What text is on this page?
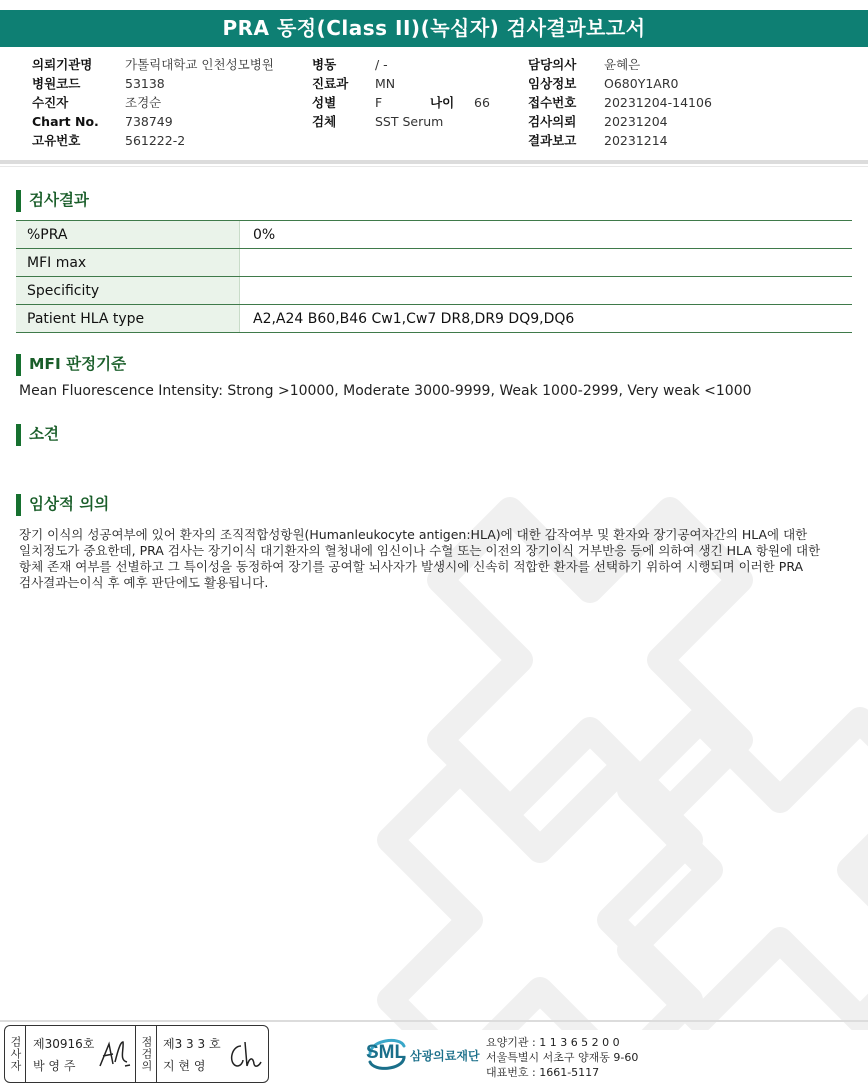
PRA 동정(Class II)(녹십자) 검사결과보고서
의뢰기관명	가톨릭대학교 인천성모병원	병동	/ -	담당의사 윤혜은
병원코드	53138	진료과 MN	임상정보 O680Y1AR0
수진자	조경순	성별	F	나이 66	접수번호 20231204-14106
Chart No. 738749	검체	SST Serum	검사의뢰 20231204
고유번호	561222-2	결과보고 20231214
검사결과
%PRA	0%
MFI max	
Specificity	
Patient HLA type	A2,A24 B60,B46 Cw1,Cw7 DR8,DR9 DQ9,DQ6
MFI 판정기준
Mean Fluorescence Intensity: Strong >10000, Moderate 3000-9999, Weak 1000-2999, Very weak <1000
소견
임상적 의의
장기 이식의 성공여부에 있어 환자의 조직적합성항원(Humanleukocyte antigen:HLA)에 대한 감작여부 및 환자와 장기공여자간의 HLA에 대한
일치정도가 중요한데, PRA 검사는 장기이식 대기환자의 혈청내에 임신이나 수혈 또는 이전의 장기이식 거부반응 등에 의하여 생긴 HLA 항원에 대한
항체 존재 여부를 선별하고 그 특이성을 동정하여 장기를 공여할 뇌사자가 발생시에 신속히 적합한 환자를 선택하기 위하여 시행되며 이러한 PRA
검사결과는이식 후 예후 판단에도 활용됩니다.
검사자 제30916호
박 영 주	점검의 제3 3 3 호
지 현 영
SML 삼광의료재단
요양기관 : 1 1 3 6 5 2 0 0
서울특별시 서초구 양재동 9-60
대표번호 : 1661-5117
